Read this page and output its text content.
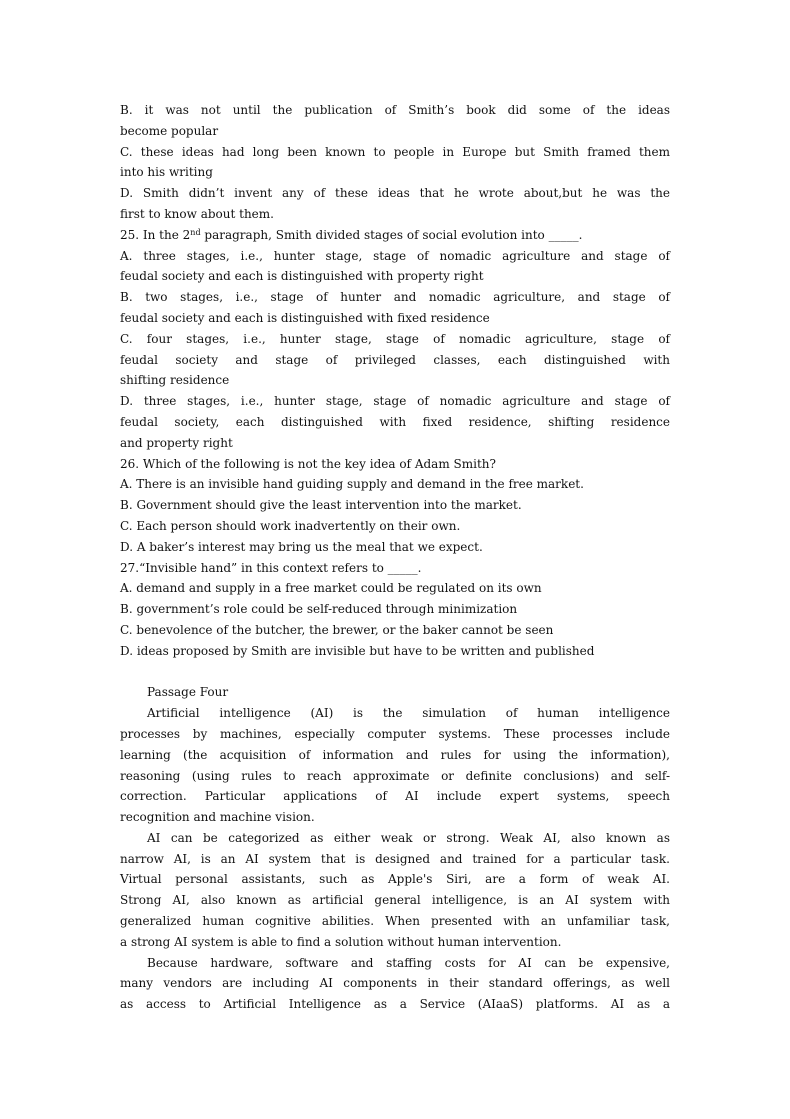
B. it was not until the publication of Smith’s book did some of the ideas
become popular
C. these ideas had long been known to people in Europe but Smith framed them
into his writing
D. Smith didn’t invent any of these ideas that he wrote about,but he was the
first to know about them.
25. In the 2nd paragraph, Smith divided stages of social evolution into _____.
A. three stages, i.e., hunter stage, stage of nomadic agriculture and stage of
feudal society and each is distinguished with property right
B. two stages, i.e., stage of hunter and nomadic agriculture, and stage of
feudal society and each is distinguished with fixed residence
C. four stages, i.e., hunter stage, stage of nomadic agriculture, stage of
feudal society and stage of privileged classes, each distinguished with
shifting residence
D. three stages, i.e., hunter stage, stage of nomadic agriculture and stage of
feudal society, each distinguished with fixed residence, shifting residence
and property right
26. Which of the following is not the key idea of Adam Smith?
A. There is an invisible hand guiding supply and demand in the free market.
B. Government should give the least intervention into the market.
C. Each person should work inadvertently on their own.
D. A baker’s interest may bring us the meal that we expect.
27.“Invisible hand” in this context refers to _____.
A. demand and supply in a free market could be regulated on its own
B. government’s role could be self-reduced through minimization
C. benevolence of the butcher, the brewer, or the baker cannot be seen
D. ideas proposed by Smith are invisible but have to be written and published
Passage Four
Artificial intelligence (AI) is the simulation of human intelligence
processes by machines, especially computer systems. These processes include
learning (the acquisition of information and rules for using the information),
reasoning (using rules to reach approximate or definite conclusions) and self-
correction. Particular applications of AI include expert systems, speech
recognition and machine vision.
AI can be categorized as either weak or strong. Weak AI, also known as
narrow AI, is an AI system that is designed and trained for a particular task.
Virtual personal assistants, such as Apple's Siri, are a form of weak AI.
Strong AI, also known as artificial general intelligence, is an AI system with
generalized human cognitive abilities. When presented with an unfamiliar task,
a strong AI system is able to find a solution without human intervention.
Because hardware, software and staffing costs for AI can be expensive,
many vendors are including AI components in their standard offerings, as well
as access to Artificial Intelligence as a Service (AIaaS) platforms. AI as a
